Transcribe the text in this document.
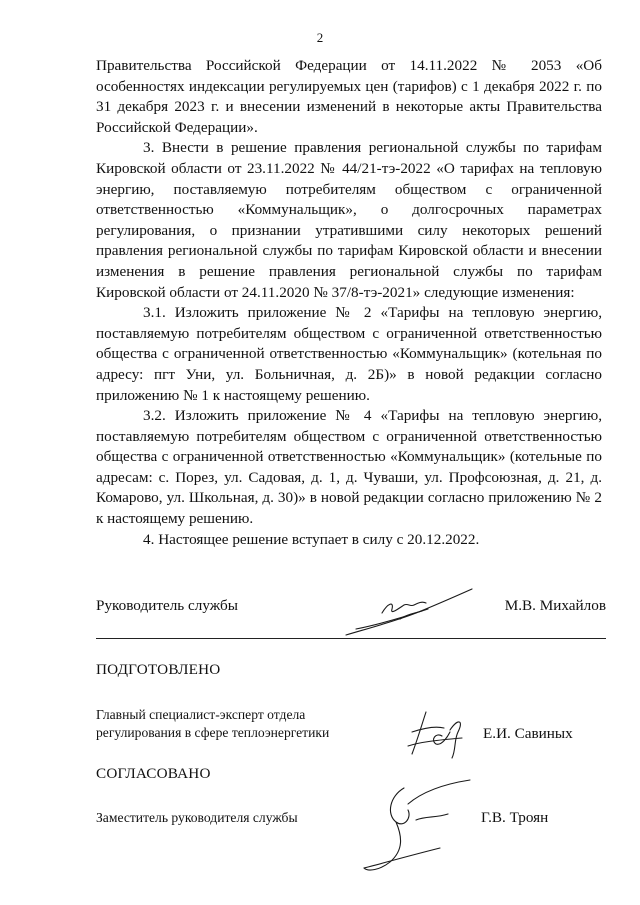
2

Правительства Российской Федерации от 14.11.2022 № 2053 «Об особенностях индексации регулируемых цен (тарифов) с 1 декабря 2022 г. по 31 декабря 2023 г. и внесении изменений в некоторые акты Правительства Российской Федерации».

3. Внести в решение правления региональной службы по тарифам Кировской области от 23.11.2022 № 44/21-тэ-2022 «О тарифах на тепловую энергию, поставляемую потребителям обществом с ограниченной ответственностью «Коммунальщик», о долгосрочных параметрах регулирования, о признании утратившими силу некоторых решений правления региональной службы по тарифам Кировской области и внесении изменения в решение правления региональной службы по тарифам Кировской области от 24.11.2020 № 37/8-тэ-2021» следующие изменения:

3.1. Изложить приложение № 2 «Тарифы на тепловую энергию, поставляемую потребителям обществом с ограниченной ответственностью общества с ограниченной ответственностью «Коммунальщик» (котельная по адресу: пгт Уни, ул. Больничная, д. 2Б)» в новой редакции согласно приложению № 1 к настоящему решению.

3.2. Изложить приложение № 4 «Тарифы на тепловую энергию, поставляемую потребителям обществом с ограниченной ответственностью общества с ограниченной ответственностью «Коммунальщик» (котельные по адресам: с. Порез, ул. Садовая, д. 1, д. Чуваши, ул. Профсоюзная, д. 21, д. Комарово, ул. Школьная, д. 30)» в новой редакции согласно приложению № 2 к настоящему решению.

4. Настоящее решение вступает в силу с 20.12.2022.

Руководитель службы	М.В. Михайлов
ПОДГОТОВЛЕНО
Главный специалист-эксперт отдела
регулирования в сфере теплоэнергетики	Е.И. Савиных
СОГЛАСОВАНО
Заместитель руководителя службы	Г.В. Троян
